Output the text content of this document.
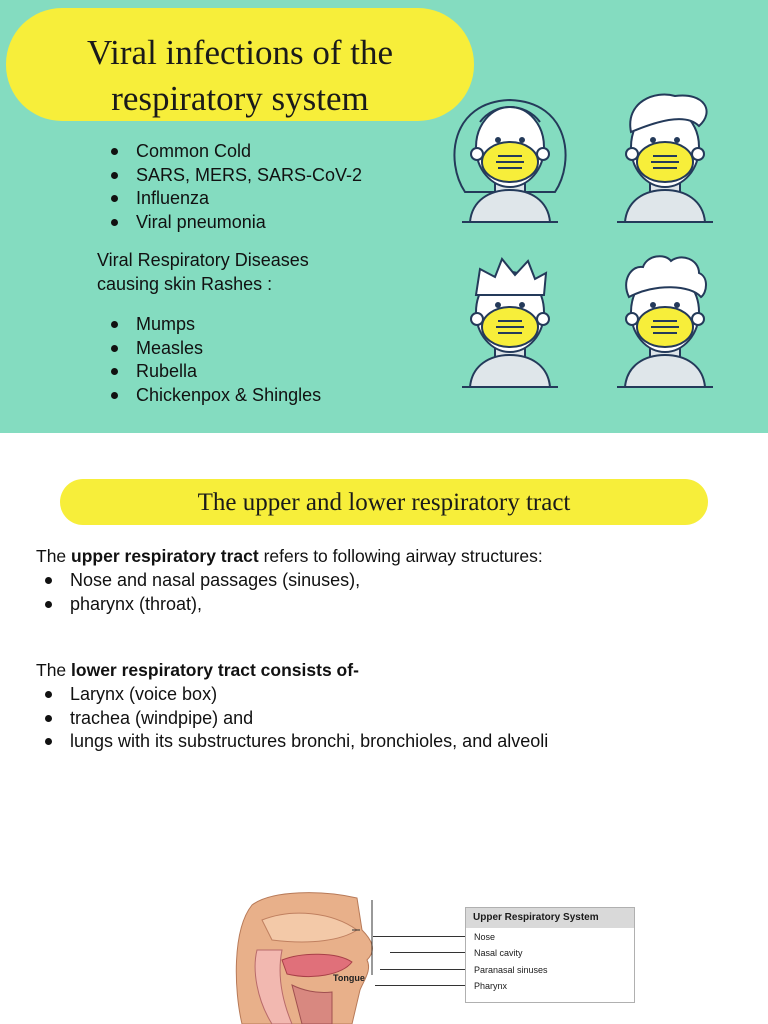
Viral infections of the
respiratory system
Common Cold
SARS, MERS, SARS-CoV-2
Influenza
Viral pneumonia
Viral Respiratory Diseases
causing skin Rashes :
Mumps
Measles
Rubella
Chickenpox & Shingles
The upper and lower respiratory tract
The upper respiratory tract refers to following airway structures:
Nose and nasal passages (sinuses),
pharynx (throat),
The lower respiratory tract consists of-
Larynx (voice box)
trachea (windpipe) and
lungs with its substructures bronchi, bronchioles, and alveoli
Tongue
Upper Respiratory System
Nose
Nasal cavity
Paranasal sinuses
Pharynx
